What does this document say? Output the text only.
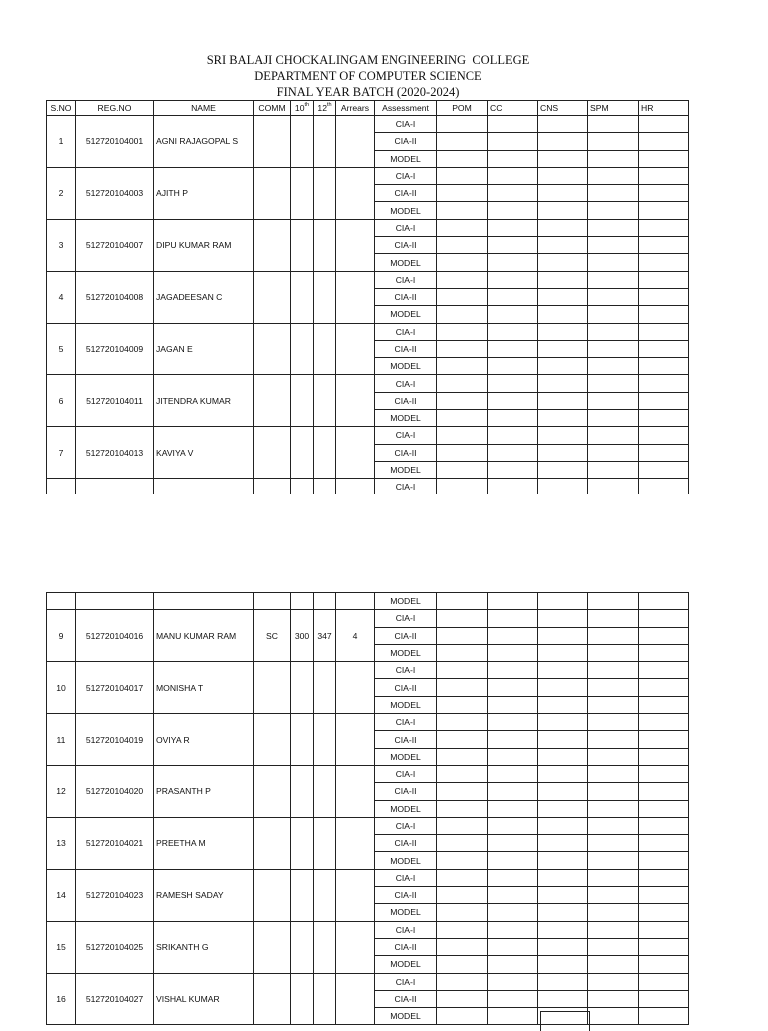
SRI BALAJI CHOCKALINGAM ENGINEERING  COLLEGE
DEPARTMENT OF COMPUTER SCIENCE
FINAL YEAR BATCH (2020-2024)
S.NO	REG.NO	NAME	COMM	10th	12th	Arrears	Assessment	POM	CC	CNS	SPM	HR
1	512720104001	AGNI RAJAGOPAL S					CIA-I					
							CIA-II					
							MODEL					
2	512720104003	AJITH P					CIA-I					
							CIA-II					
							MODEL					
3	512720104007	DIPU KUMAR RAM					CIA-I					
							CIA-II					
							MODEL					
4	512720104008	JAGADEESAN C					CIA-I					
							CIA-II					
							MODEL					
5	512720104009	JAGAN E					CIA-I					
							CIA-II					
							MODEL					
6	512720104011	JITENDRA KUMAR					CIA-I					
							CIA-II					
							MODEL					
7	512720104013	KAVIYA V					CIA-I					
							CIA-II					
							MODEL					
							CIA-I					

							MODEL					
9	512720104016	MANU KUMAR RAM	SC	300	347	4	CIA-I					
							CIA-II					
							MODEL					
10	512720104017	MONISHA T					CIA-I					
							CIA-II					
							MODEL					
11	512720104019	OVIYA R					CIA-I					
							CIA-II					
							MODEL					
12	512720104020	PRASANTH P					CIA-I					
							CIA-II					
							MODEL					
13	512720104021	PREETHA M					CIA-I					
							CIA-II					
							MODEL					
14	512720104023	RAMESH SADAY					CIA-I					
							CIA-II					
							MODEL					
15	512720104025	SRIKANTH G					CIA-I					
							CIA-II					
							MODEL					
16	512720104027	VISHAL KUMAR					CIA-I					
							CIA-II					
							MODEL					
